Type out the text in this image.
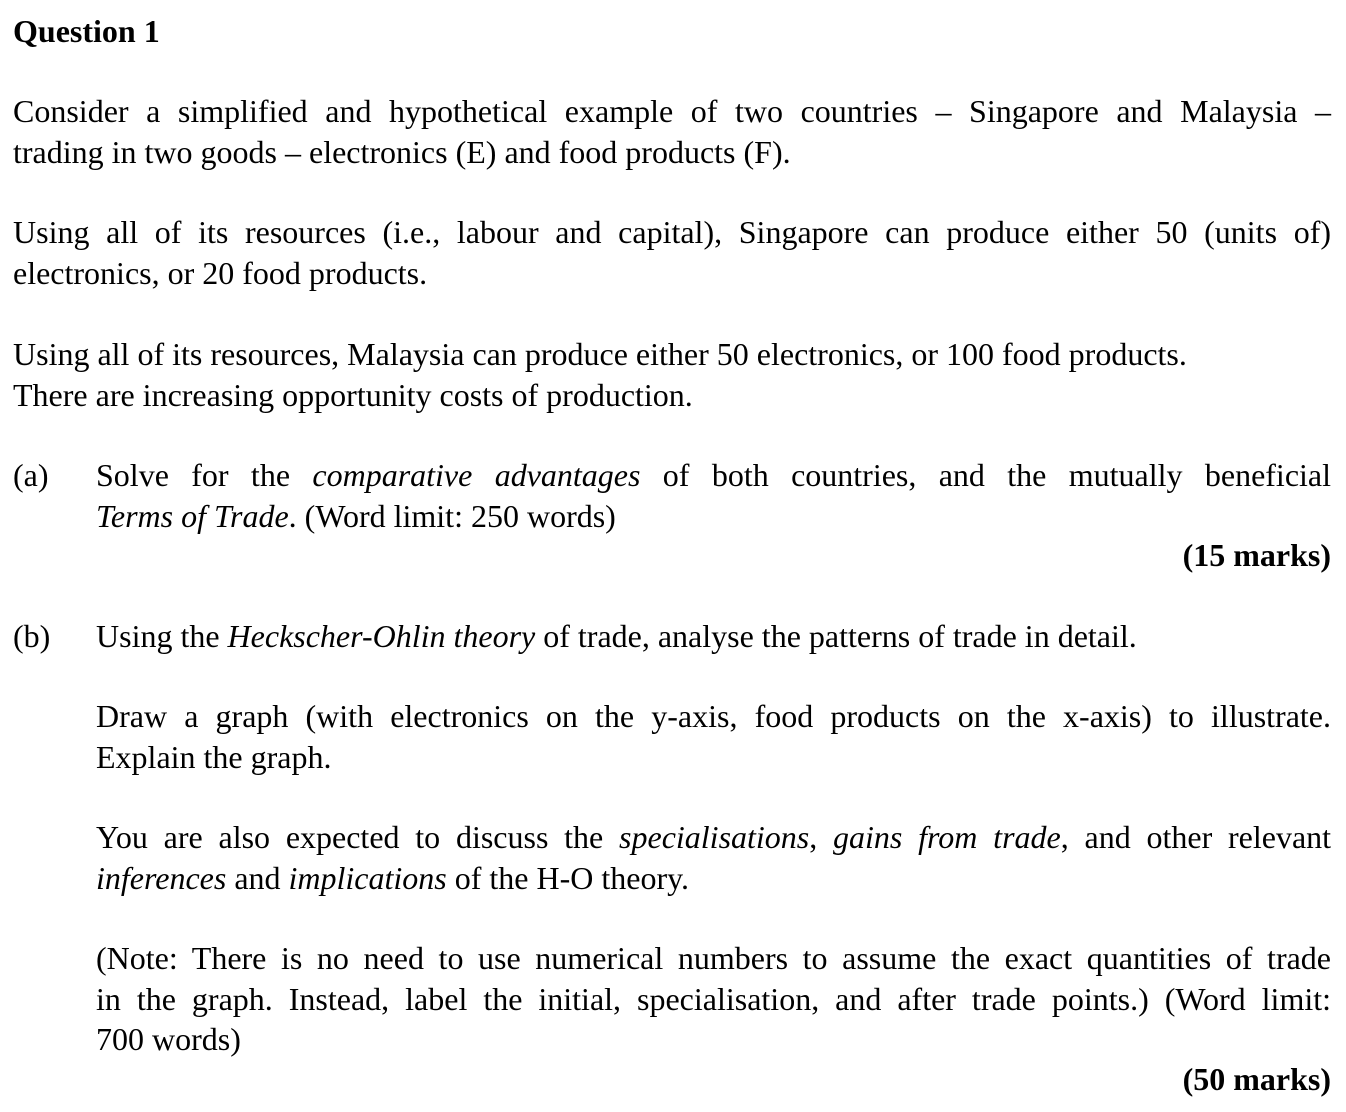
Question 1
Consider a simplified and hypothetical example of two countries – Singapore and Malaysia –
trading in two goods – electronics (E) and food products (F).
Using all of its resources (i.e., labour and capital), Singapore can produce either 50 (units of)
electronics, or 20 food products.
Using all of its resources, Malaysia can produce either 50 electronics, or 100 food products.
There are increasing opportunity costs of production.
(a) Solve for the comparative advantages of both countries, and the mutually beneficial
Terms of Trade. (Word limit: 250 words)
(15 marks)
(b) Using the Heckscher-Ohlin theory of trade, analyse the patterns of trade in detail.
Draw a graph (with electronics on the y-axis, food products on the x-axis) to illustrate.
Explain the graph.
You are also expected to discuss the specialisations, gains from trade, and other relevant
inferences and implications of the H-O theory.
(Note: There is no need to use numerical numbers to assume the exact quantities of trade
in the graph. Instead, label the initial, specialisation, and after trade points.) (Word limit:
700 words)
(50 marks)
